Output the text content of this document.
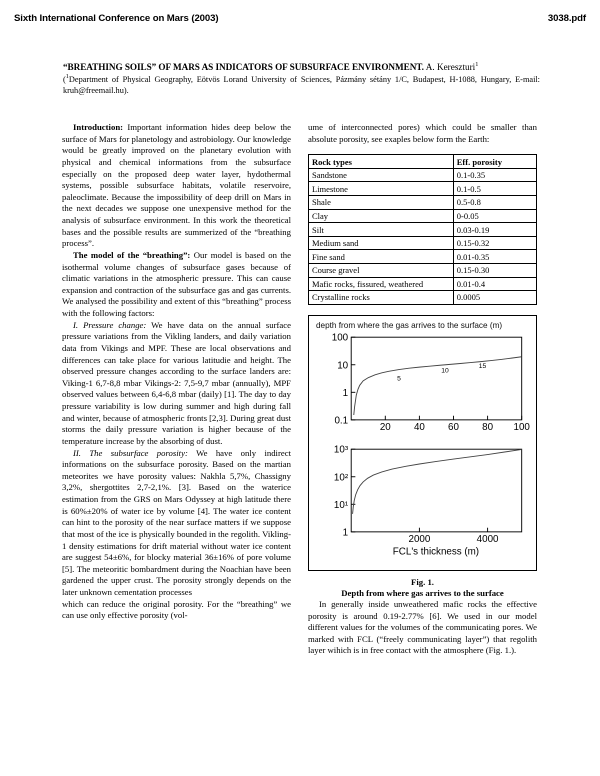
Sixth International Conference on Mars (2003)	3038.pdf
“BREATHING SOILS” OF MARS AS INDICATORS OF SUBSURFACE ENVIRONMENT. A. Kereszturi$^1$
($^1$Department of Physical Geography, Eötvös Lorand University of Sciences, Pázmány sétány 1/C, Budapest, H-1088, Hungary, E-mail: kruh@freemail.hu).

Introduction: Important information hides deep below the surface of Mars for planetology and astrobiology. Our knowledge would be greatly improved on the planetary evolution with physical and chemical informations from the subsurface especially on the proposed deep water layer, hydothermal systems, possible subsurface habitats, volatile reservoire, paleoclimate. Because the impossibility of deep drill on Mars in the next decades we suppose one unexpensive method for the analysis of subsurface environment. In this work the theoretical bases and the possible results are summerized of the “breathing process”.

The model of the “breathing”: Our model is based on the isothermal volume changes of subsurface gases because of climatic variations in the atmospheric pressure. This can cause expansion and contraction of the subsurface gas and gas currents. We analysed the possibility and extent of this “breathing” process with the following factors:

I. Pressure change: We have data on the annual surface pressure variations from the Vikling landers, and daily variation data from Vikings and MPF. These are local observations and differences can take place for various latitudie and height. The observed pressure changes according to the surface landers are: Viking-1 6,7-8,8 mbar Vikings-2: 7,5-9,7 mbar (annually), MPF observed values between 6,4-6,8 mbar (daily) [1]. The day to day pressure variability is low during summer and high during fall and winter, because of atmospheric fronts [2,3]. During great dust storms the daily pressure variation is higher because of the temperature increase by the absorbing of dust.

II. The subsurface porosity: We have only indirect informations on the subsurface porosity. Based on the martian meteorites we have porosity values: Nakhla 5,7%, Chassigny 3,2%, shergottites 2,7-2,1%. [3]. Based on the waterice estimation from the GRS on Mars Odyssey at high latitude there is 60%±20% of water ice by volume [4]. The water ice content can hint to the porosity of the near surface matters if we suppose that most of the ice is physically bounded in the regolith. Vikling-1 density estimations for drift material without water ice content are suggest 54±6%, for blocky material 36±16% of pore volume [5]. The meteoritic bombardment during the Noachian have been gardened the upper crust. The porosity strongly depends on the later unknown cementation processes

which can reduce the original porosity. For the “breathing” we can use only effective porosity (vol-

ume of interconnected pores) which could be smaller than absolute porosity, see exaples below form the Earth:

Rock types	Eff. porosity
Sandstone	0.1-0.35
Limestone	0.1-0.5
Shale	0.5-0.8
Clay	0-0.05
Silt	0.03-0.19
Medium sand	0.15-0.32
Fine sand	0.01-0.35
Course gravel	0.15-0.30
Mafic rocks, fissured, weathered	0.01-0.4
Crystalline rocks	0.0005
depth from where the gas arrives to the surface (m)
0.1
1
10
100
20 40 60 80 100
5
10
15
1
10¹
10²
10³
2000	4000
FCL's thickness (m)
Fig. 1.
Depth from where gas arrives to the surface

In generally inside unweathered mafic rocks the effective porosity is around 0.19-2.77% [6]. We used in our model different values for the volumes of the communicating pores. We marked with FCL (“freely communicating layer”) that regolith layer wihich is in free contact with the atmosphere (Fig. 1.).
